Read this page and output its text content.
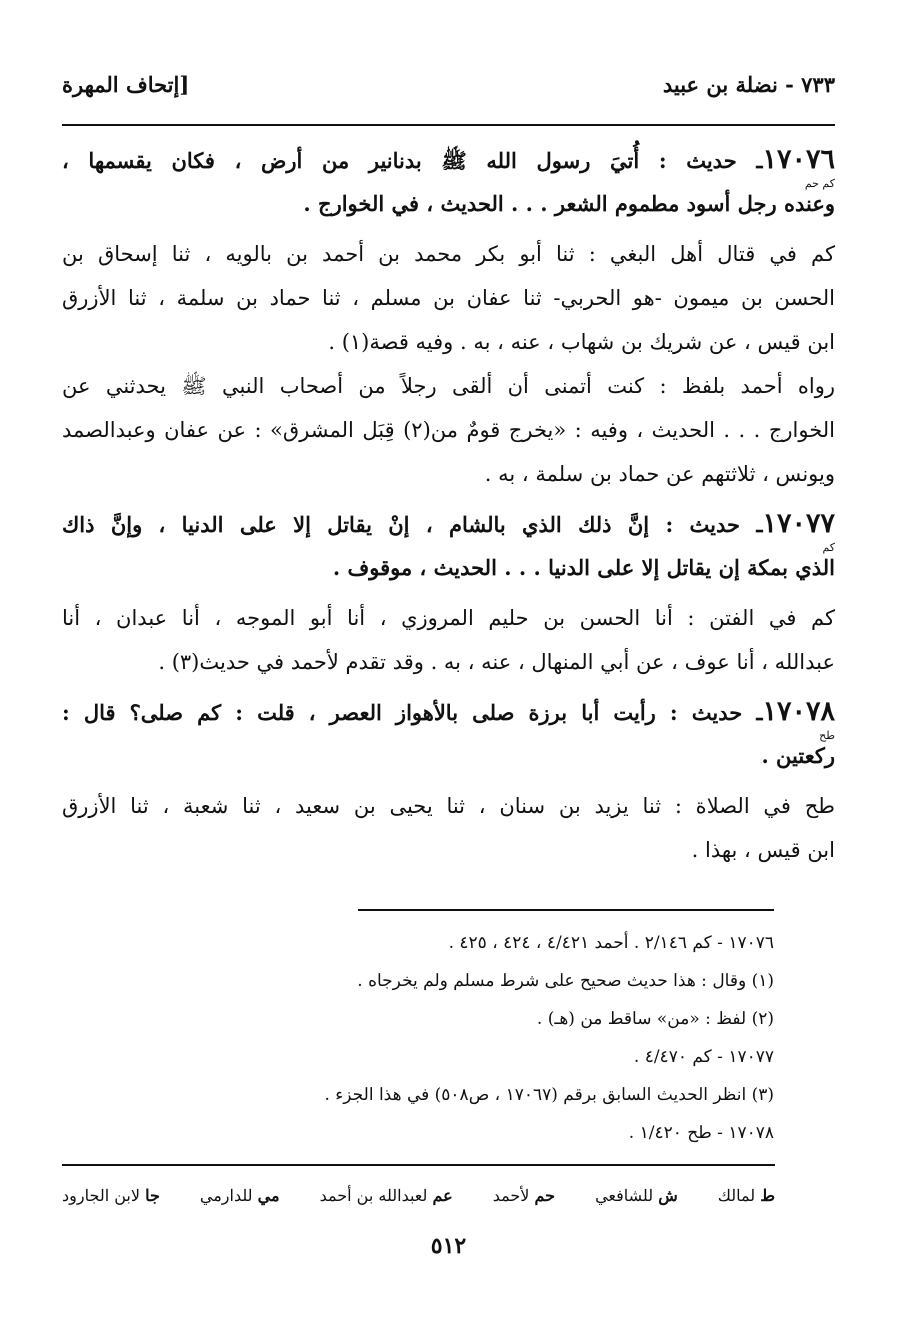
٧٣٣ - نضلة بن عبيد
[إتحاف المهرة
١٧٠٧٦
كم حم
ـ حديث : أُتيَ رسول الله ﷺ بدنانير من أرض ، فكان يقسمها ،
وعنده رجل أسود مطموم الشعر . . . الحديث ، في الخوارج .
كم في قتال أهل البغي : ثنا أبو بكر محمد بن أحمد بن بالويه ، ثنا إسحاق بن
الحسن بن ميمون -هو الحربي- ثنا عفان بن مسلم ، ثنا حماد بن سلمة ، ثنا الأزرق
ابن قيس ، عن شريك بن شهاب ، عنه ، به . وفيه قصة(١) .
رواه أحمد بلفظ : كنت أتمنى أن ألقى رجلاً من أصحاب النبي ﷺ يحدثني عن
الخوارج . . . الحديث ، وفيه : «يخرج قومٌ من(٢) قِبَل المشرق» : عن عفان وعبدالصمد
ويونس ، ثلاثتهم عن حماد بن سلمة ، به .
١٧٠٧٧
كم
ـ حديث : إنَّ ذلك الذي بالشام ، إنْ يقاتل إلا على الدنيا ، وإنَّ ذاك
الذي بمكة إن يقاتل إلا على الدنيا . . . الحديث ، موقوف .
كم في الفتن : أنا الحسن بن حليم المروزي ، أنا أبو الموجه ، أنا عبدان ، أنا
عبدالله ، أنا عوف ، عن أبي المنهال ، عنه ، به . وقد تقدم لأحمد في حديث(٣) .
١٧٠٧٨
طح
ـ حديث : رأيت أبا برزة صلى بالأهواز العصر ، قلت : كم صلى؟ قال :
ركعتين .
طح في الصلاة : ثنا يزيد بن سنان ، ثنا يحيى بن سعيد ، ثنا شعبة ، ثنا الأزرق
ابن قيس ، بهذا .
١٧٠٧٦ - كم ٢/١٤٦ . أحمد ٤/٤٢١ ، ٤٢٤ ، ٤٢٥ .
(١) وقال : هذا حديث صحيح على شرط مسلم ولم يخرجاه .
(٢) لفظ : «من» ساقط من (هـ) .
١٧٠٧٧ - كم ٤/٤٧٠ .
(٣) انظر الحديث السابق برقم (١٧٠٦٧ ، ص٥٠٨) في هذا الجزء .
١٧٠٧٨ - طح ١/٤٢٠ .
ط لمالك
ش للشافعي
حم لأحمد
عم لعبدالله بن أحمد
مي للدارمي
جا لابن الجارود
٥١٢
